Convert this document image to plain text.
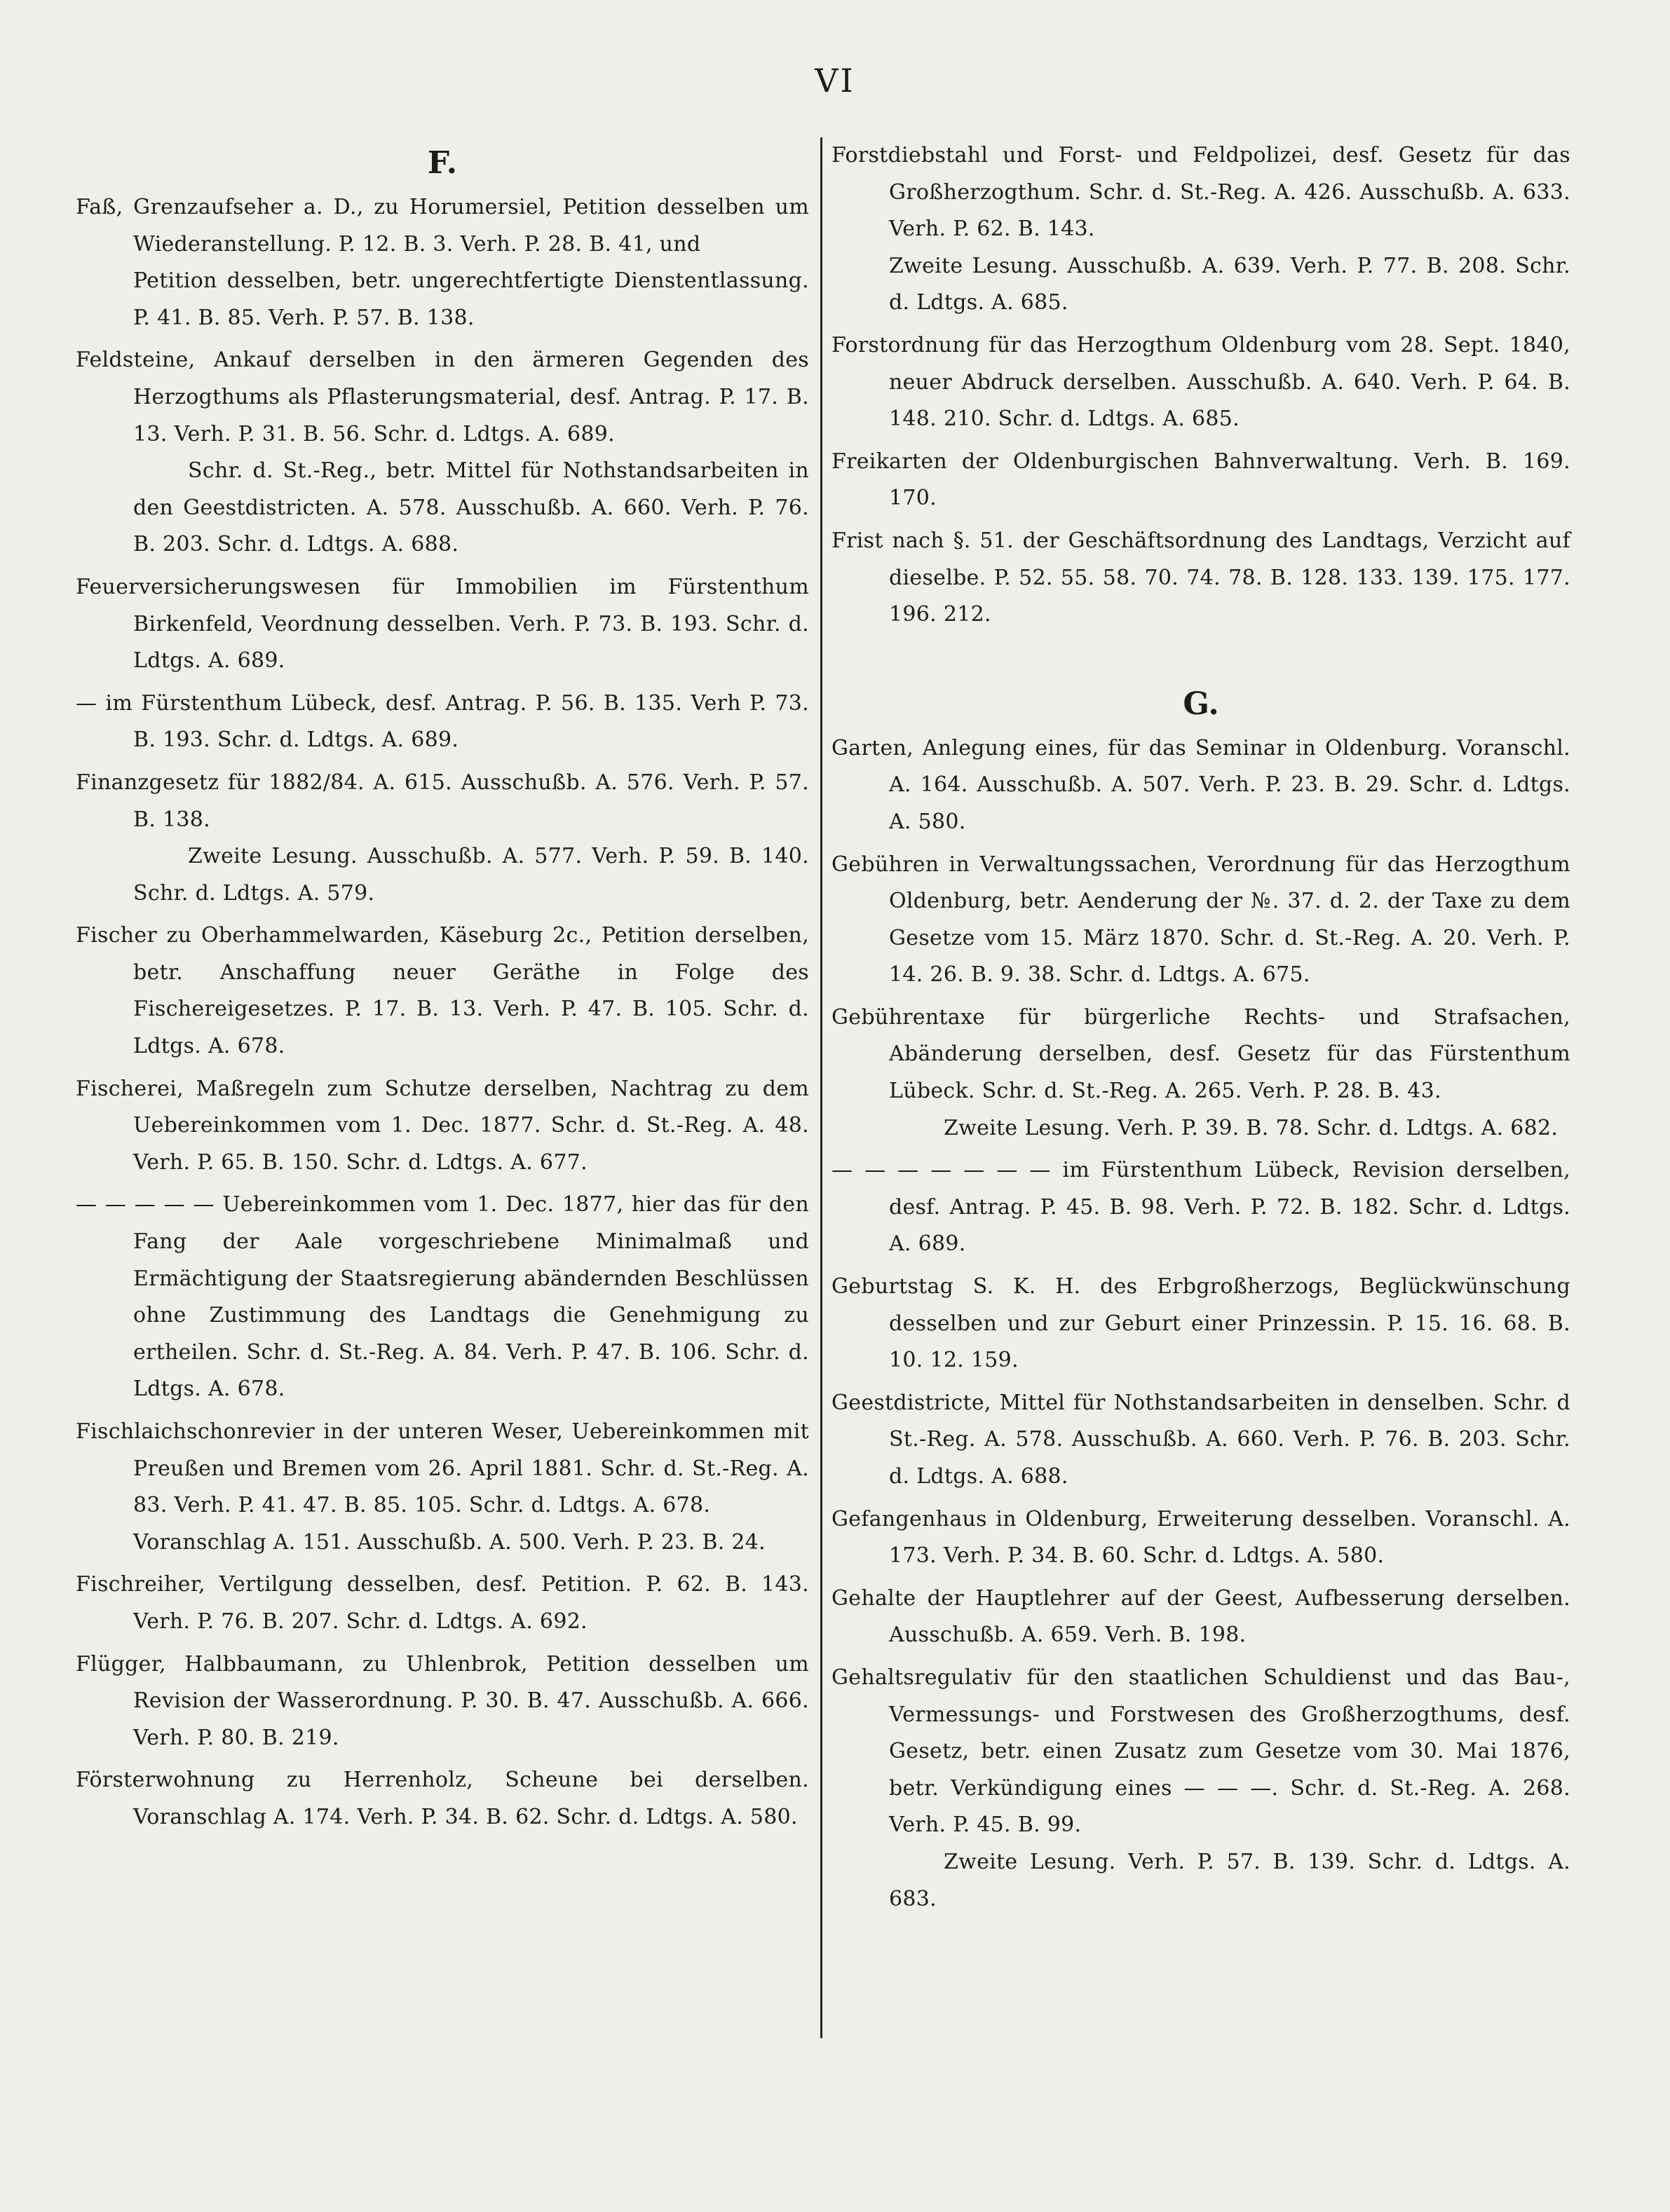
VI
F.
Faß, Grenzaufseher a. D., zu Horumersiel, Petition desselben um Wiederanstellung. P. 12. B. 3. Verh. P. 28. B. 41, und
Petition desselben, betr. ungerechtfertigte Dienstentlassung. P. 41. B. 85. Verh. P. 57. B. 138.
Feldsteine, Ankauf derselben in den ärmeren Gegenden des Herzogthums als Pflasterungsmaterial, desf. Antrag. P. 17. B. 13. Verh. P. 31. B. 56. Schr. d. Ldtgs. A. 689.
Schr. d. St.-Reg., betr. Mittel für Nothstandsarbeiten in den Geestdistricten. A. 578. Ausschußb. A. 660. Verh. P. 76. B. 203. Schr. d. Ldtgs. A. 688.
Feuerversicherungswesen für Immobilien im Fürstenthum Birkenfeld, Veordnung desselben. Verh. P. 73. B. 193. Schr. d. Ldtgs. A. 689.
— im Fürstenthum Lübeck, desf. Antrag. P. 56. B. 135. Verh P. 73. B. 193. Schr. d. Ldtgs. A. 689.
Finanzgesetz für 1882/84. A. 615. Ausschußb. A. 576. Verh. P. 57. B. 138.
Zweite Lesung. Ausschußb. A. 577. Verh. P. 59. B. 140. Schr. d. Ldtgs. A. 579.
Fischer zu Oberhammelwarden, Käseburg 2c., Petition derselben, betr. Anschaffung neuer Geräthe in Folge des Fischereigesetzes. P. 17. B. 13. Verh. P. 47. B. 105. Schr. d. Ldtgs. A. 678.
Fischerei, Maßregeln zum Schutze derselben, Nachtrag zu dem Uebereinkommen vom 1. Dec. 1877. Schr. d. St.-Reg. A. 48. Verh. P. 65. B. 150. Schr. d. Ldtgs. A. 677.
— — — — — Uebereinkommen vom 1. Dec. 1877, hier das für den Fang der Aale vorgeschriebene Minimalmaß und Ermächtigung der Staatsregierung abändernden Beschlüssen ohne Zustimmung des Landtags die Genehmigung zu ertheilen. Schr. d. St.-Reg. A. 84. Verh. P. 47. B. 106. Schr. d. Ldtgs. A. 678.
Fischlaichschonrevier in der unteren Weser, Uebereinkommen mit Preußen und Bremen vom 26. April 1881. Schr. d. St.-Reg. A. 83. Verh. P. 41. 47. B. 85. 105. Schr. d. Ldtgs. A. 678.
Voranschlag A. 151. Ausschußb. A. 500. Verh. P. 23. B. 24.
Fischreiher, Vertilgung desselben, desf. Petition. P. 62. B. 143. Verh. P. 76. B. 207. Schr. d. Ldtgs. A. 692.
Flügger, Halbbaumann, zu Uhlenbrok, Petition desselben um Revision der Wasserordnung. P. 30. B. 47. Ausschußb. A. 666. Verh. P. 80. B. 219.
Försterwohnung zu Herrenholz, Scheune bei derselben. Voranschlag A. 174. Verh. P. 34. B. 62. Schr. d. Ldtgs. A. 580.
Forstdiebstahl und Forst- und Feldpolizei, desf. Gesetz für das Großherzogthum. Schr. d. St.-Reg. A. 426. Ausschußb. A. 633. Verh. P. 62. B. 143.
Zweite Lesung. Ausschußb. A. 639. Verh. P. 77. B. 208. Schr. d. Ldtgs. A. 685.
Forstordnung für das Herzogthum Oldenburg vom 28. Sept. 1840, neuer Abdruck derselben. Ausschußb. A. 640. Verh. P. 64. B. 148. 210. Schr. d. Ldtgs. A. 685.
Freikarten der Oldenburgischen Bahnverwaltung. Verh. B. 169. 170.
Frist nach §. 51. der Geschäftsordnung des Landtags, Verzicht auf dieselbe. P. 52. 55. 58. 70. 74. 78. B. 128. 133. 139. 175. 177. 196. 212.
G.
Garten, Anlegung eines, für das Seminar in Oldenburg. Voranschl. A. 164. Ausschußb. A. 507. Verh. P. 23. B. 29. Schr. d. Ldtgs. A. 580.
Gebühren in Verwaltungssachen, Verordnung für das Herzogthum Oldenburg, betr. Aenderung der №. 37. d. 2. der Taxe zu dem Gesetze vom 15. März 1870. Schr. d. St.-Reg. A. 20. Verh. P. 14. 26. B. 9. 38. Schr. d. Ldtgs. A. 675.
Gebührentaxe für bürgerliche Rechts- und Strafsachen, Abänderung derselben, desf. Gesetz für das Fürstenthum Lübeck. Schr. d. St.-Reg. A. 265. Verh. P. 28. B. 43.
Zweite Lesung. Verh. P. 39. B. 78. Schr. d. Ldtgs. A. 682.
— — — — — — — im Fürstenthum Lübeck, Revision derselben, desf. Antrag. P. 45. B. 98. Verh. P. 72. B. 182. Schr. d. Ldtgs. A. 689.
Geburtstag S. K. H. des Erbgroßherzogs, Beglückwünschung desselben und zur Geburt einer Prinzessin. P. 15. 16. 68. B. 10. 12. 159.
Geestdistricte, Mittel für Nothstandsarbeiten in denselben. Schr. d St.-Reg. A. 578. Ausschußb. A. 660. Verh. P. 76. B. 203. Schr. d. Ldtgs. A. 688.
Gefangenhaus in Oldenburg, Erweiterung desselben. Voranschl. A. 173. Verh. P. 34. B. 60. Schr. d. Ldtgs. A. 580.
Gehalte der Hauptlehrer auf der Geest, Aufbesserung derselben. Ausschußb. A. 659. Verh. B. 198.
Gehaltsregulativ für den staatlichen Schuldienst und das Bau-, Vermessungs- und Forstwesen des Großherzogthums, desf. Gesetz, betr. einen Zusatz zum Gesetze vom 30. Mai 1876, betr. Verkündigung eines — — —. Schr. d. St.-Reg. A. 268. Verh. P. 45. B. 99.
Zweite Lesung. Verh. P. 57. B. 139. Schr. d. Ldtgs. A. 683.
